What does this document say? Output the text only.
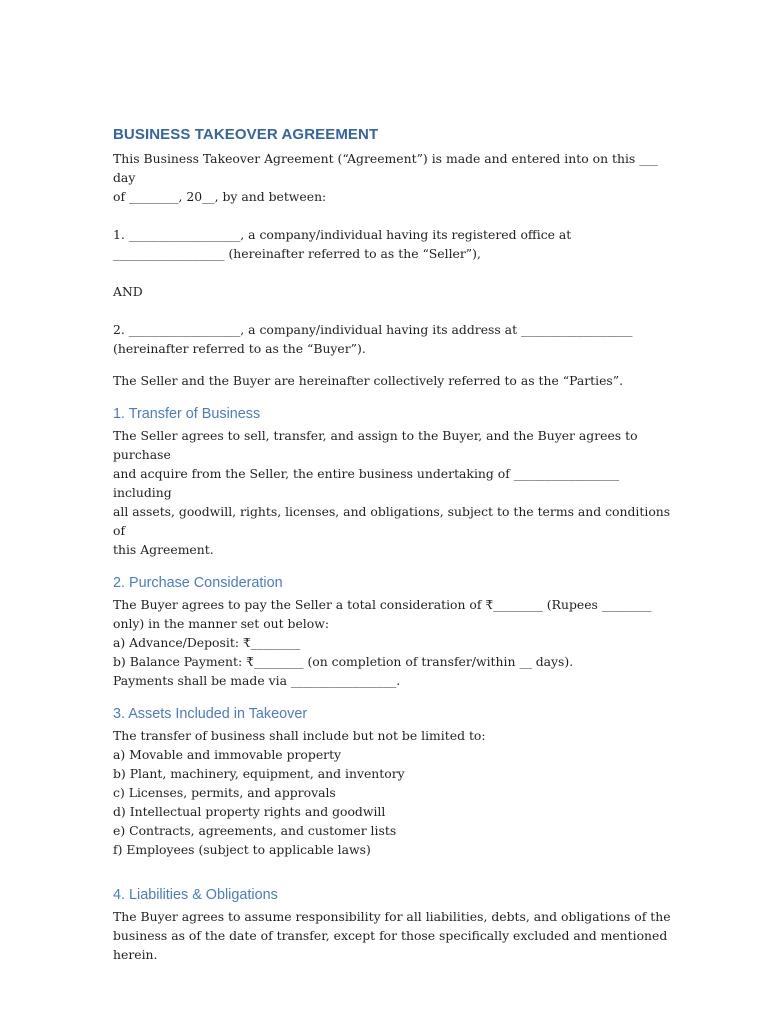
BUSINESS TAKEOVER AGREEMENT

This Business Takeover Agreement (“Agreement”) is made and entered into on this ___ day

of ________, 20__, by and between:

1. __________________, a company/individual having its registered office at

__________________ (hereinafter referred to as the “Seller”),

AND

2. __________________, a company/individual having its address at __________________

(hereinafter referred to as the “Buyer”).

The Seller and the Buyer are hereinafter collectively referred to as the “Parties”.

1. Transfer of Business

The Seller agrees to sell, transfer, and assign to the Buyer, and the Buyer agrees to purchase

and acquire from the Seller, the entire business undertaking of _________________ including

all assets, goodwill, rights, licenses, and obligations, subject to the terms and conditions of

this Agreement.

2. Purchase Consideration

The Buyer agrees to pay the Seller a total consideration of ₹________ (Rupees ________

only) in the manner set out below:

a) Advance/Deposit: ₹________

b) Balance Payment: ₹________ (on completion of transfer/within __ days).

Payments shall be made via _________________.

3. Assets Included in Takeover

The transfer of business shall include but not be limited to:

a) Movable and immovable property
b) Plant, machinery, equipment, and inventory
c) Licenses, permits, and approvals
d) Intellectual property rights and goodwill
e) Contracts, agreements, and customer lists
f) Employees (subject to applicable laws)
4. Liabilities & Obligations

The Buyer agrees to assume responsibility for all liabilities, debts, and obligations of the

business as of the date of transfer, except for those specifically excluded and mentioned

herein.
